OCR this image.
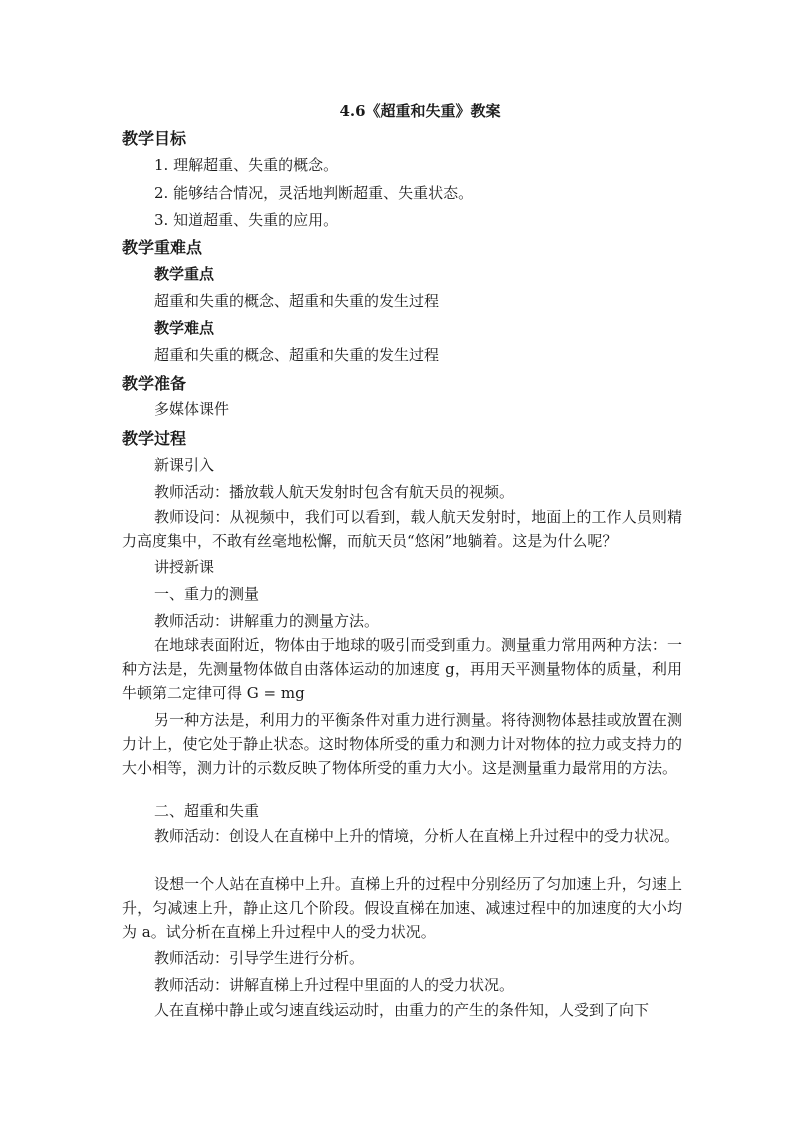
4.6《超重和失重》教案
教学目标
1. 理解超重、失重的概念。
2. 能够结合情况，灵活地判断超重、失重状态。
3. 知道超重、失重的应用。
教学重难点
教学重点
超重和失重的概念、超重和失重的发生过程
教学难点
超重和失重的概念、超重和失重的发生过程
教学准备
多媒体课件
教学过程
新课引入
教师活动：播放载人航天发射时包含有航天员的视频。
教师设问：从视频中，我们可以看到，载人航天发射时，地面上的工作人员则精力高度集中，不敢有丝毫地松懈，而航天员“悠闲”地躺着。这是为什么呢？
讲授新课
一、重力的测量
教师活动：讲解重力的测量方法。
在地球表面附近，物体由于地球的吸引而受到重力。测量重力常用两种方法：一种方法是，先测量物体做自由落体运动的加速度 g，再用天平测量物体的质量，利用牛顿第二定律可得 G = mg
另一种方法是，利用力的平衡条件对重力进行测量。将待测物体悬挂或放置在测力计上，使它处于静止状态。这时物体所受的重力和测力计对物体的拉力或支持力的大小相等，测力计的示数反映了物体所受的重力大小。这是测量重力最常用的方法。
二、超重和失重
教师活动：创设人在直梯中上升的情境，分析人在直梯上升过程中的受力状况。
设想一个人站在直梯中上升。直梯上升的过程中分别经历了匀加速上升，匀速上升，匀减速上升，静止这几个阶段。假设直梯在加速、减速过程中的加速度的大小均为 a。试分析在直梯上升过程中人的受力状况。
教师活动：引导学生进行分析。
教师活动：讲解直梯上升过程中里面的人的受力状况。
人在直梯中静止或匀速直线运动时，由重力的产生的条件知，人受到了向下
